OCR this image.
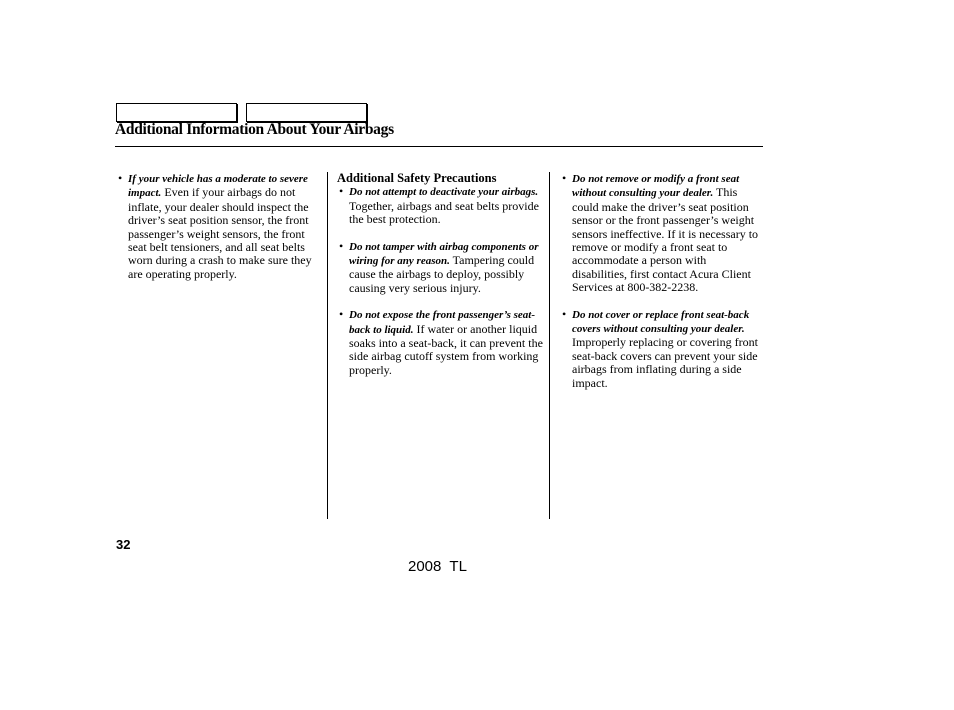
Additional Information About Your Airbags

• If your vehicle has a moderate to severe impact. Even if your airbags do not inflate, your dealer should inspect the driver’s seat position sensor, the front passenger’s weight sensors, the front seat belt tensioners, and all seat belts worn during a crash to make sure they are operating properly.

Additional Safety Precautions

• Do not attempt to deactivate your airbags. Together, airbags and seat belts provide the best protection.

• Do not tamper with airbag components or wiring for any reason. Tampering could cause the airbags to deploy, possibly causing very serious injury.

• Do not expose the front passenger’s seat-back to liquid. If water or another liquid soaks into a seat-back, it can prevent the side airbag cutoff system from working properly.

• Do not remove or modify a front seat without consulting your dealer. This could make the driver’s seat position sensor or the front passenger’s weight sensors ineffective. If it is necessary to remove or modify a front seat to accommodate a person with disabilities, first contact Acura Client Services at 800-382-2238.

• Do not cover or replace front seat-back covers without consulting your dealer. Improperly replacing or covering front seat-back covers can prevent your side airbags from inflating during a side impact.

32
2008  TL
